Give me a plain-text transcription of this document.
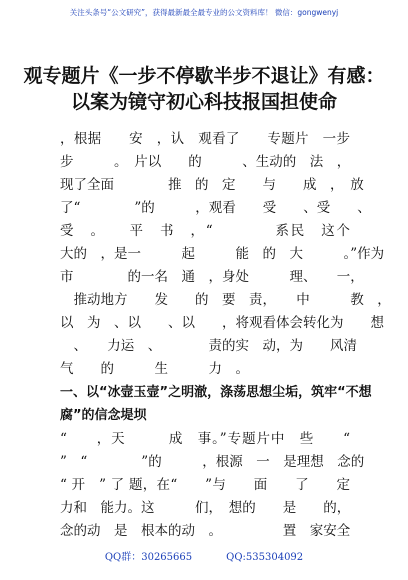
关注头条号“公文研究”，获得最新最全最专业的公文资料库！ 微信：gongwenyj
观专题片《一步不停歇半步不退让》有感：
以案为镜守初心科技报国担使命
，根据　　安　，认　观看了　　专题片　一步
步　　　。　片以　　的　　　、生动的　法　，
现了全面　　　　推　的　定　　与　　成　，　放
了“　　　　”的　　　，观看　　受　　、受　　、
受　。　　平　书　，“　　　　系民　这个
大的　，是一　　　起　　　能　的　大　　　。”作为
市　　　　的一名　通　，身处　　　理、　　一，
　推动地方　　发　　的　要　责，　　中　　　教　，
以　为　、以　　、以　　，将观看体会转化为　　想
　、　　力运　、　　　　责的实　动，为　　风清
气　　的　　　生　　　力　。
一、以“冰壸玉壸”之明澈，涤荡思想尘垢，筑牢“不想
腐”的信念堤坝
“　　，天　　　成　事。”专题片中　些　　“
”　“　　　　”的　　　，根源　一　是理想　念的
“ 开　” 了 题，在“　　”与　　面　　了　　定
力和　能力。这　　　们，　想的　　是　　的，
念的动　是　根本的动　。　　　　　置　家安全
QQ群：30265665	QQ:535304092
